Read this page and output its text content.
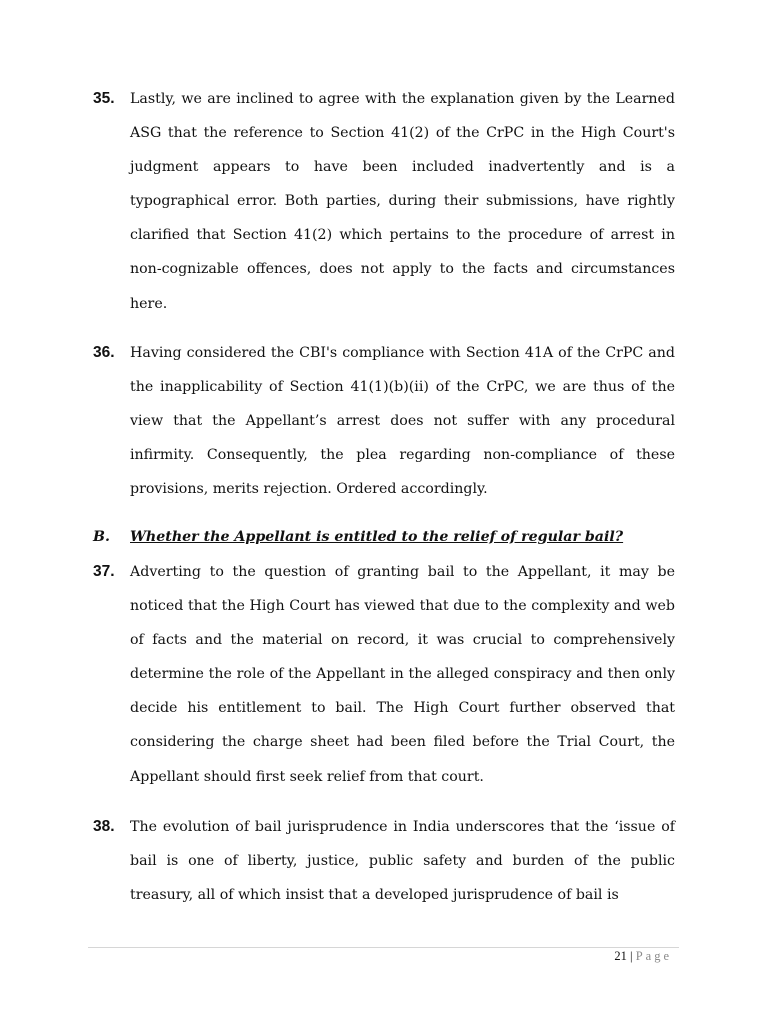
35. Lastly, we are inclined to agree with the explanation given by the Learned ASG that the reference to Section 41(2) of the CrPC in the High Court's judgment appears to have been included inadvertently and is a typographical error. Both parties, during their submissions, have rightly clarified that Section 41(2) which pertains to the procedure of arrest in non-cognizable offences, does not apply to the facts and circumstances here.
36. Having considered the CBI's compliance with Section 41A of the CrPC and the inapplicability of Section 41(1)(b)(ii) of the CrPC, we are thus of the view that the Appellant’s arrest does not suffer with any procedural infirmity. Consequently, the plea regarding non-compliance of these provisions, merits rejection. Ordered accordingly.
B. Whether the Appellant is entitled to the relief of regular bail?
37. Adverting to the question of granting bail to the Appellant, it may be noticed that the High Court has viewed that due to the complexity and web of facts and the material on record, it was crucial to comprehensively determine the role of the Appellant in the alleged conspiracy and then only decide his entitlement to bail. The High Court further observed that considering the charge sheet had been filed before the Trial Court, the Appellant should first seek relief from that court.
38. The evolution of bail jurisprudence in India underscores that the ‘issue of bail is one of liberty, justice, public safety and burden of the public treasury, all of which insist that a developed jurisprudence of bail is
21 | Page
